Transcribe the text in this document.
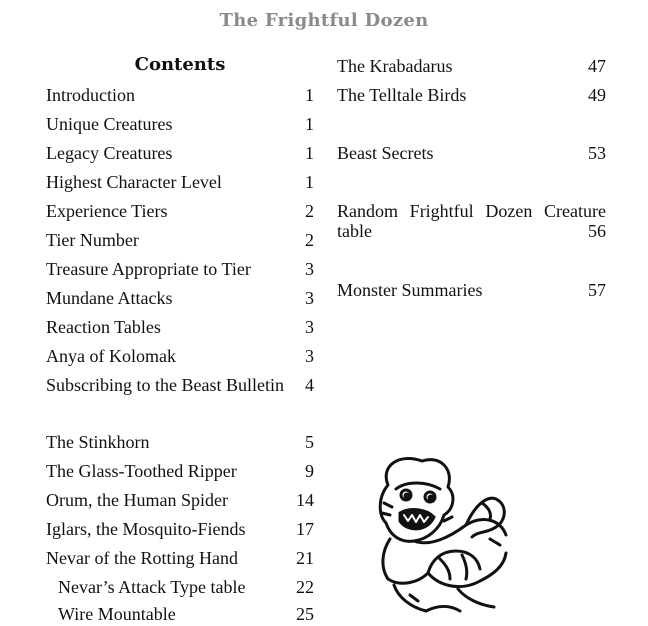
The Frightful Dozen
Contents
Introduction	1
Unique Creatures	1
Legacy Creatures	1
Highest Character Level	1
Experience Tiers	2
Tier Number	2
Treasure Appropriate to Tier	3
Mundane Attacks	3
Reaction Tables	3
Anya of Kolomak	3
Subscribing to the Beast Bulletin 4
The Stinkhorn	5
The Glass-Toothed Ripper	9
Orum, the Human Spider	14
Iglars, the Mosquito-Fiends	17
Nevar of the Rotting Hand	21
Nevar’s Attack Type table	22
Wire Mountable	25
The Krabadarus	47
The Telltale Birds	49
Beast Secrets	53
Random Frightful Dozen Creature
table	56
Monster Summaries	57
